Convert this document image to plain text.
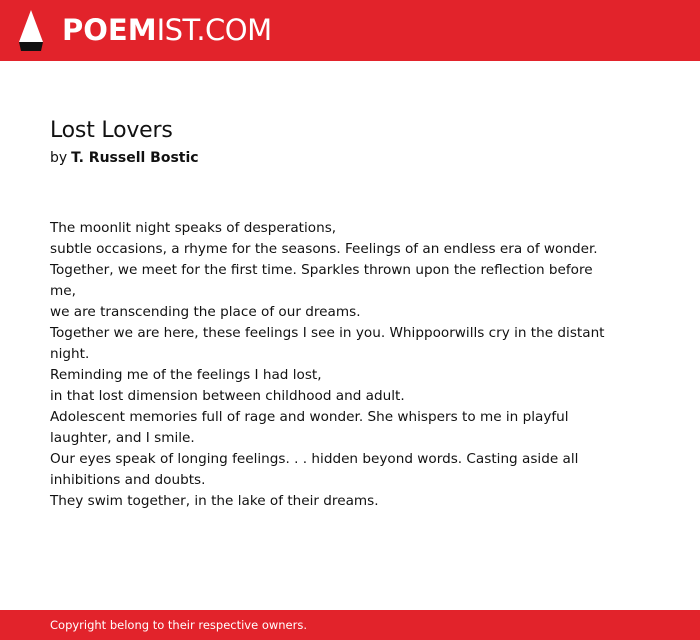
POEMIST.COM
Lost Lovers
by T. Russell Bostic
The moonlit night speaks of desperations,
subtle occasions, a rhyme for the seasons. Feelings of an endless era of wonder.
Together, we meet for the first time. Sparkles thrown upon the reflection before me,
we are transcending the place of our dreams.
Together we are here, these feelings I see in you. Whippoorwills cry in the distant night.
Reminding me of the feelings I had lost,
in that lost dimension between childhood and adult.
Adolescent memories full of rage and wonder. She whispers to me in playful laughter, and I smile.
Our eyes speak of longing feelings. . . hidden beyond words. Casting aside all inhibitions and doubts.
They swim together, in the lake of their dreams.
Copyright belong to their respective owners.
